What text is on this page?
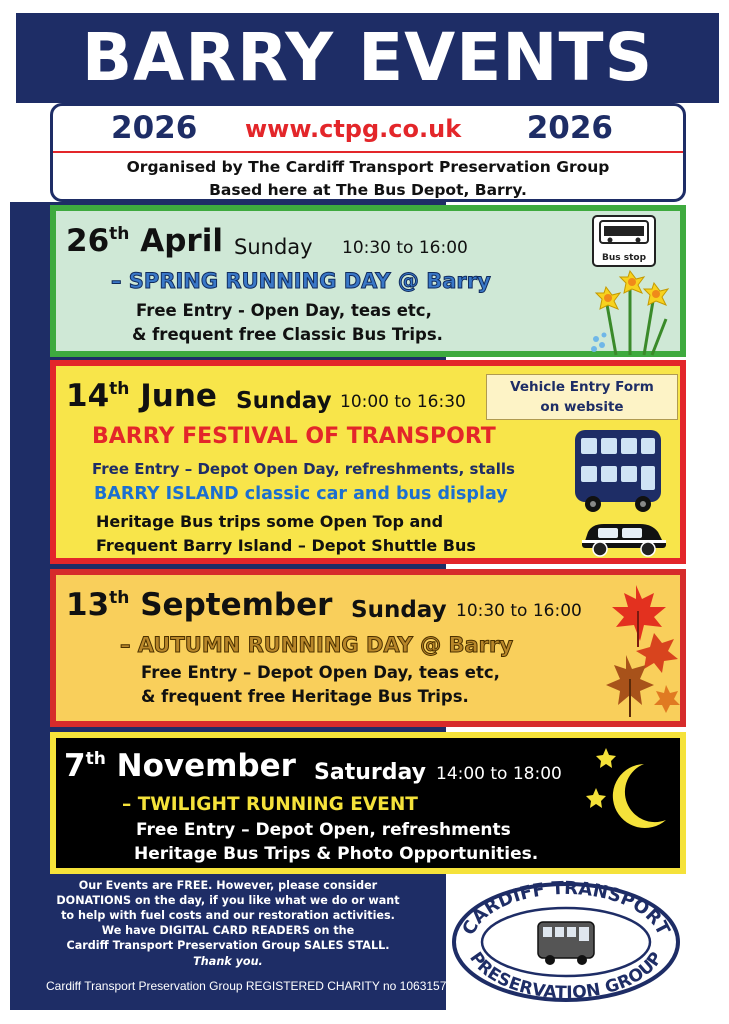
BARRY EVENTS
2026 www.ctpg.co.uk 2026
Organised by The Cardiff Transport Preservation Group
Based here at The Bus Depot, Barry.
26th April Sunday 10:30 to 16:00
– SPRING RUNNING DAY @ Barry
Free Entry - Open Day, teas etc,
& frequent free Classic Bus Trips.
Bus stop
14th June Sunday 10:00 to 16:30
Vehicle Entry Form
on website
BARRY FESTIVAL OF TRANSPORT
Free Entry – Depot Open Day, refreshments, stalls
BARRY ISLAND classic car and bus display
Heritage Bus trips some Open Top and
Frequent Barry Island – Depot Shuttle Bus
13th September Sunday 10:30 to 16:00
– AUTUMN RUNNING DAY @ Barry
Free Entry – Depot Open Day, teas etc,
& frequent free Heritage Bus Trips.
7th November Saturday 14:00 to 18:00
– TWILIGHT RUNNING EVENT
Free Entry – Depot Open, refreshments
Heritage Bus Trips & Photo Opportunities.
Our Events are FREE. However, please consider
DONATIONS on the day, if you like what we do or want
to help with fuel costs and our restoration activities.
We have DIGITAL CARD READERS on the
Cardiff Transport Preservation Group SALES STALL.
Thank you.
Cardiff Transport Preservation Group REGISTERED CHARITY no 1063157
CARDIFF TRANSPORT
PRESERVATION GROUP
